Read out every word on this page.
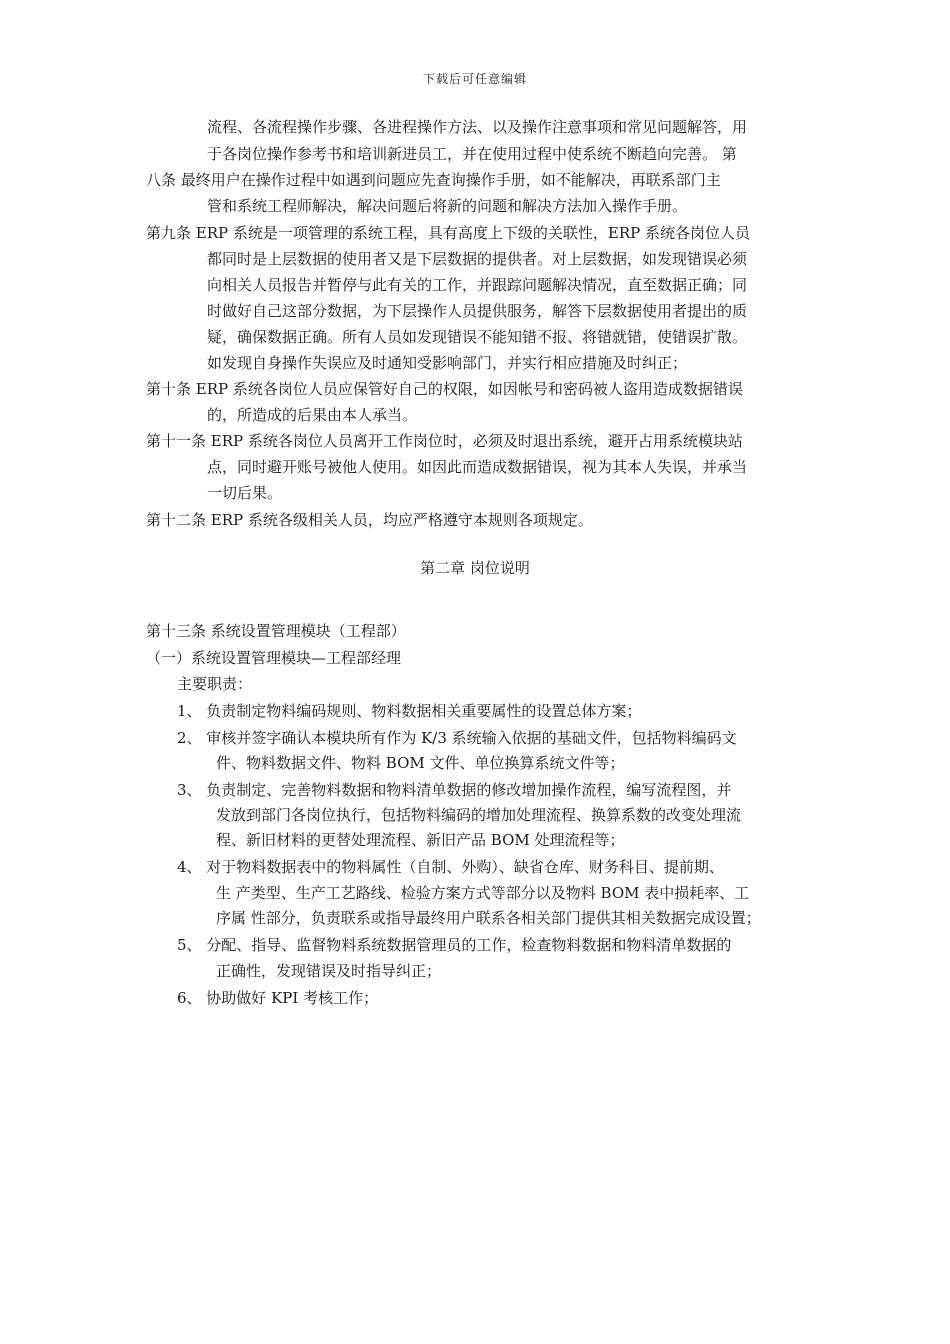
下载后可任意编辑
流程、各流程操作步骤、各进程操作方法、以及操作注意事项和常见问题解答，用
于各岗位操作参考书和培训新进员工，并在使用过程中使系统不断趋向完善。 第
八条 最终用户在操作过程中如遇到问题应先查询操作手册，如不能解决，再联系部门主
管和系统工程师解决，解决问题后将新的问题和解决方法加入操作手册。
第九条 ERP 系统是一项管理的系统工程，具有高度上下级的关联性，ERP 系统各岗位人员
都同时是上层数据的使用者又是下层数据的提供者。对上层数据，如发现错误必须
向相关人员报告并暂停与此有关的工作，并跟踪问题解决情况，直至数据正确；同
时做好自己这部分数据，为下层操作人员提供服务，解答下层数据使用者提出的质
疑，确保数据正确。所有人员如发现错误不能知错不报、将错就错，使错误扩散。
如发现自身操作失误应及时通知受影响部门，并实行相应措施及时纠正；
第十条 ERP 系统各岗位人员应保管好自己的权限，如因帐号和密码被人盗用造成数据错误
的，所造成的后果由本人承当。
第十一条 ERP 系统各岗位人员离开工作岗位时，必须及时退出系统，避开占用系统模块站
点，同时避开账号被他人使用。如因此而造成数据错误，视为其本人失误，并承当
一切后果。
第十二条 ERP 系统各级相关人员，均应严格遵守本规则各项规定。
第二章 岗位说明
第十三条 系统设置管理模块（工程部）
（一）系统设置管理模块—工程部经理
主要职责：
1、 负责制定物料编码规则、物料数据相关重要属性的设置总体方案；
2、 审核并签字确认本模块所有作为 K/3 系统输入依据的基础文件，包括物料编码文
件、物料数据文件、物料 BOM 文件、单位换算系统文件等；
3、 负责制定、完善物料数据和物料清单数据的修改增加操作流程，编写流程图，并
发放到部门各岗位执行，包括物料编码的增加处理流程、换算系数的改变处理流
程、新旧材料的更替处理流程、新旧产品 BOM 处理流程等；
4、 对于物料数据表中的物料属性（自制、外购）、缺省仓库、财务科目、提前期、
生 产类型、生产工艺路线、检验方案方式等部分以及物料 BOM 表中损耗率、工
序属 性部分，负责联系或指导最终用户联系各相关部门提供其相关数据完成设置；
5、 分配、指导、监督物料系统数据管理员的工作，检查物料数据和物料清单数据的
正确性，发现错误及时指导纠正；
6、 协助做好 KPI 考核工作；
